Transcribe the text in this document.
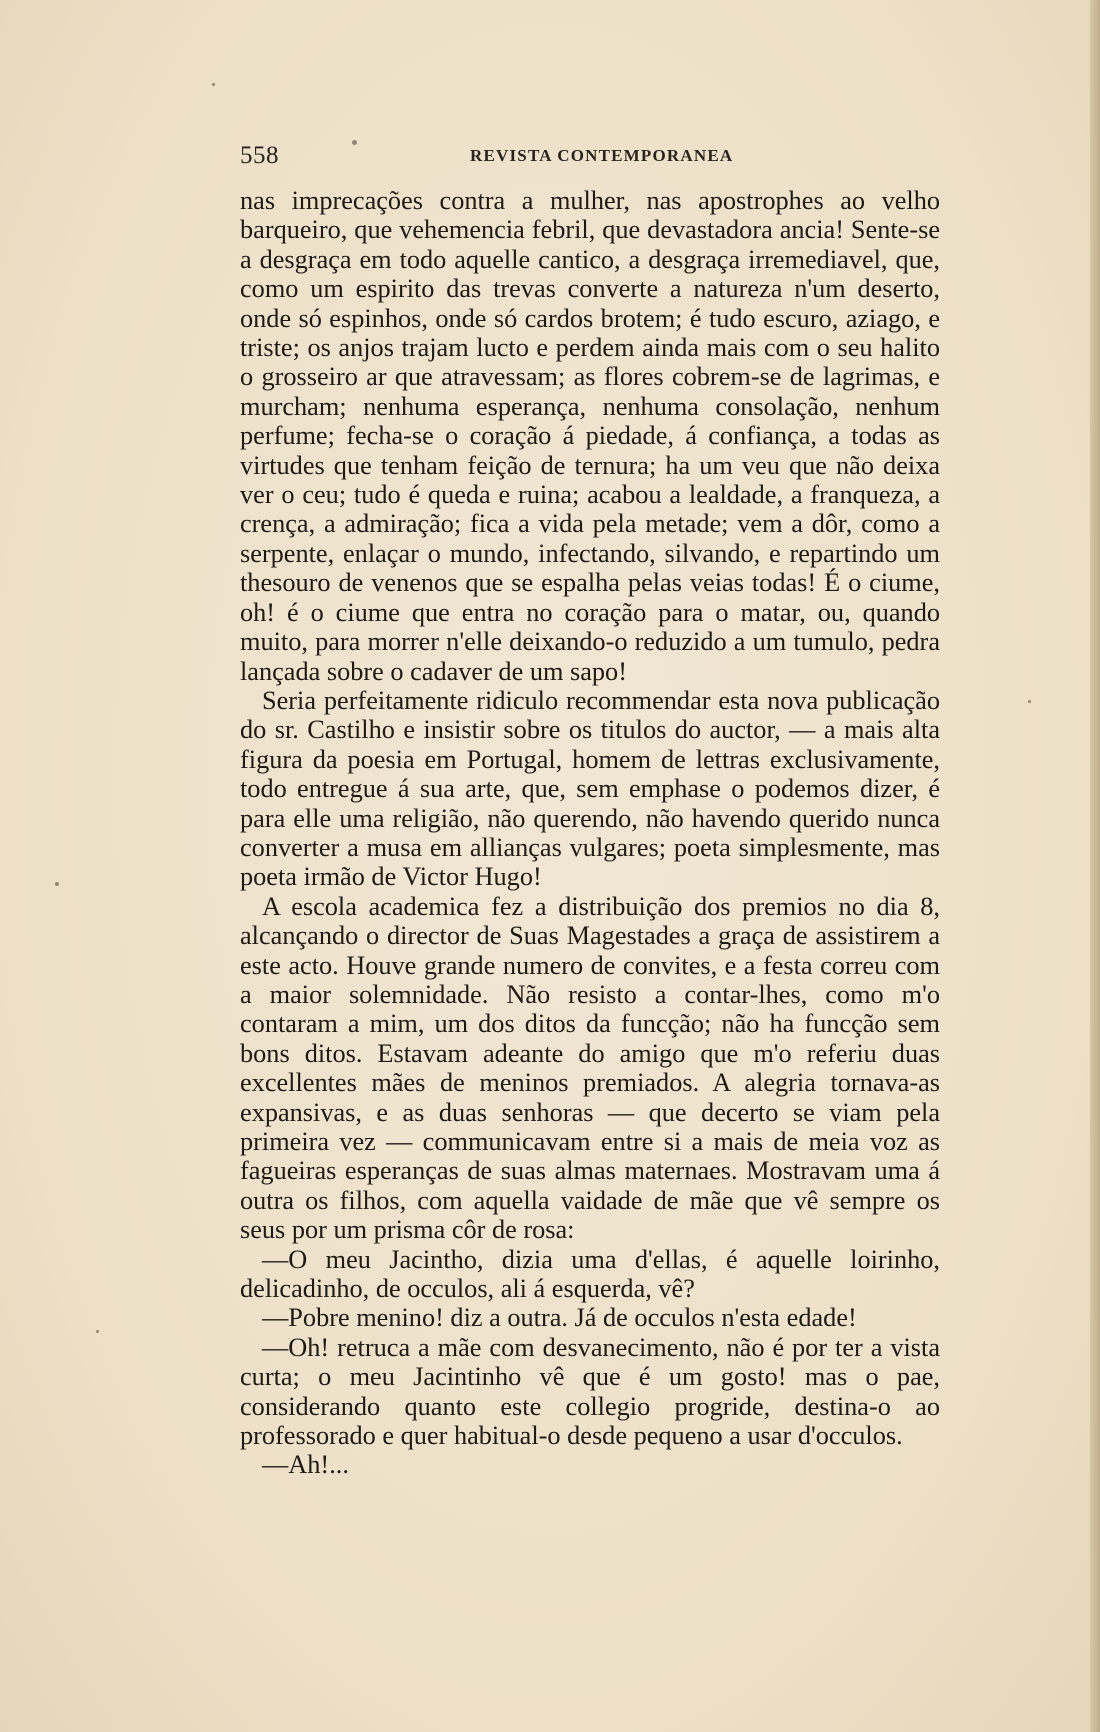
558	REVISTA CONTEMPORANEA

nas imprecações contra a mulher, nas apostrophes ao velho barqueiro, que vehemencia febril, que devastadora ancia! Sente-se a desgraça em todo aquelle cantico, a desgraça irremediavel, que, como um espirito das trevas converte a natureza n'um deserto, onde só espinhos, onde só cardos brotem; é tudo escuro, aziago, e triste; os anjos trajam lucto e perdem ainda mais com o seu halito o grosseiro ar que atravessam; as flores cobrem-se de lagrimas, e murcham; nenhuma esperança, nenhuma consolação, nenhum perfume; fecha-se o coração á piedade, á confiança, a todas as virtudes que tenham feição de ternura; ha um veu que não deixa ver o ceu; tudo é queda e ruina; acabou a lealdade, a franqueza, a crença, a admiração; fica a vida pela metade; vem a dôr, como a serpente, enlaçar o mundo, infectando, silvando, e repartindo um thesouro de venenos que se espalha pelas veias todas! É o ciume, oh! é o ciume que entra no coração para o matar, ou, quando muito, para morrer n'elle deixando-o reduzido a um tumulo, pedra lançada sobre o cadaver de um sapo!

Seria perfeitamente ridiculo recommendar esta nova publicação do sr. Castilho e insistir sobre os titulos do auctor, — a mais alta figura da poesia em Portugal, homem de lettras exclusivamente, todo entregue á sua arte, que, sem emphase o podemos dizer, é para elle uma religião, não querendo, não havendo querido nunca converter a musa em allianças vulgares; poeta simplesmente, mas poeta irmão de Victor Hugo!

A escola academica fez a distribuição dos premios no dia 8, alcançando o director de Suas Magestades a graça de assistirem a este acto. Houve grande numero de convites, e a festa correu com a maior solemnidade. Não resisto a contar-lhes, como m'o contaram a mim, um dos ditos da funcção; não ha funcção sem bons ditos. Estavam adeante do amigo que m'o referiu duas excellentes mães de meninos premiados. A alegria tornava-as expansivas, e as duas senhoras — que decerto se viam pela primeira vez — communicavam entre si a mais de meia voz as fagueiras esperanças de suas almas maternaes. Mostravam uma á outra os filhos, com aquella vaidade de mãe que vê sempre os seus por um prisma côr de rosa:

—O meu Jacintho, dizia uma d'ellas, é aquelle loirinho, delicadinho, de occulos, ali á esquerda, vê?

—Pobre menino! diz a outra. Já de occulos n'esta edade!

—Oh! retruca a mãe com desvanecimento, não é por ter a vista curta; o meu Jacintinho vê que é um gosto! mas o pae, considerando quanto este collegio progride, destina-o ao professorado e quer habitual-o desde pequeno a usar d'occulos.

—Ah!...
